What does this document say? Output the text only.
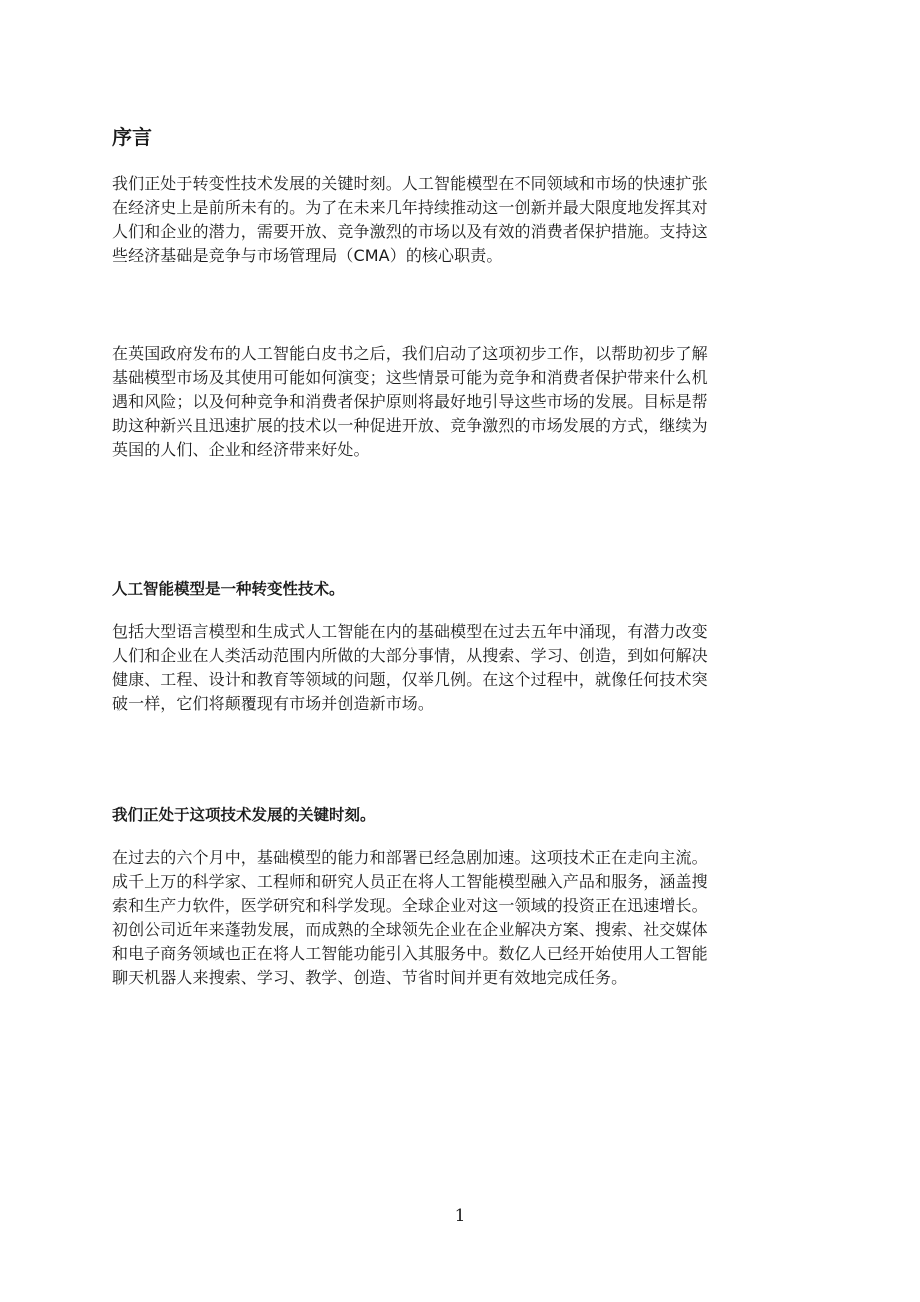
序言

我们正处于转变性技术发展的关键时刻。人工智能模型在不同领域和市场的快速扩张
在经济史上是前所未有的。为了在未来几年持续推动这一创新并最大限度地发挥其对
人们和企业的潜力，需要开放、竞争激烈的市场以及有效的消费者保护措施。支持这
些经济基础是竞争与市场管理局（CMA）的核心职责。

在英国政府发布的人工智能白皮书之后，我们启动了这项初步工作，以帮助初步了解
基础模型市场及其使用可能如何演变；这些情景可能为竞争和消费者保护带来什么机
遇和风险；以及何种竞争和消费者保护原则将最好地引导这些市场的发展。目标是帮
助这种新兴且迅速扩展的技术以一种促进开放、竞争激烈的市场发展的方式，继续为
英国的人们、企业和经济带来好处。

人工智能模型是一种转变性技术。

包括大型语言模型和生成式人工智能在内的基础模型在过去五年中涌现，有潜力改变
人们和企业在人类活动范围内所做的大部分事情，从搜索、学习、创造，到如何解决
健康、工程、设计和教育等领域的问题，仅举几例。在这个过程中，就像任何技术突
破一样，它们将颠覆现有市场并创造新市场。

我们正处于这项技术发展的关键时刻。

在过去的六个月中，基础模型的能力和部署已经急剧加速。这项技术正在走向主流。
成千上万的科学家、工程师和研究人员正在将人工智能模型融入产品和服务，涵盖搜
索和生产力软件，医学研究和科学发现。全球企业对这一领域的投资正在迅速增长。
初创公司近年来蓬勃发展，而成熟的全球领先企业在企业解决方案、搜索、社交媒体
和电子商务领域也正在将人工智能功能引入其服务中。数亿人已经开始使用人工智能
聊天机器人来搜索、学习、教学、创造、节省时间并更有效地完成任务。

1
